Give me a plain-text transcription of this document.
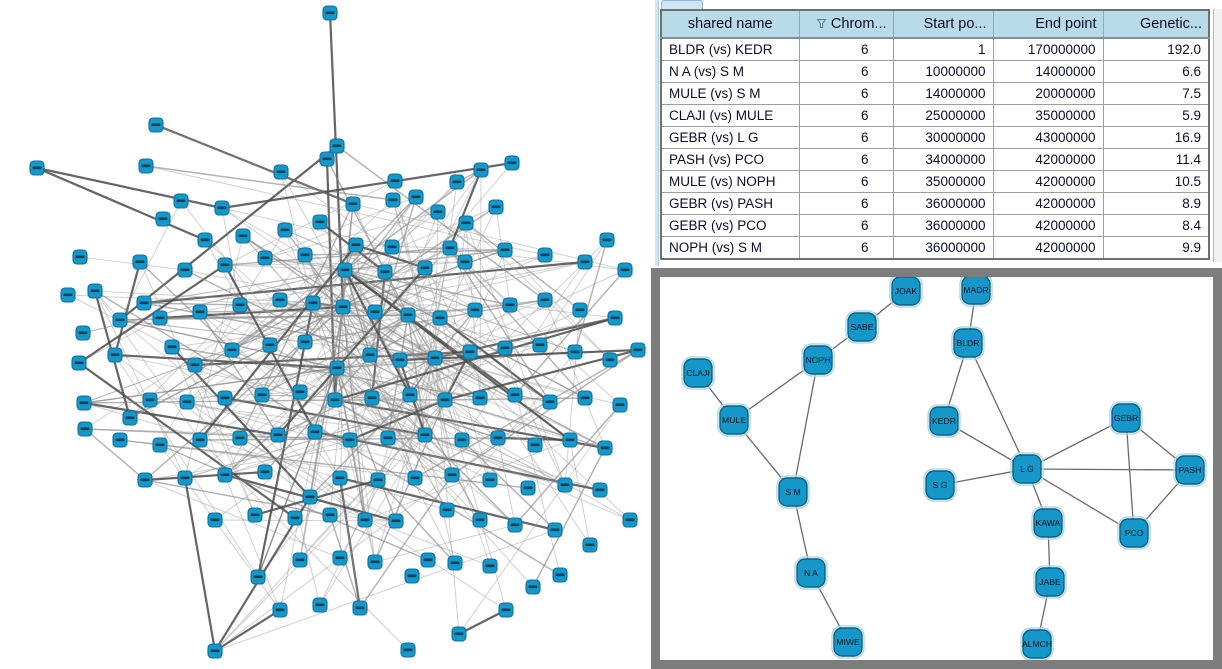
shared name	Chrom...	Start po...	End point	Genetic...
BLDR (vs) KEDR	6	1	170000000	192.0
N A (vs) S M	6	10000000	14000000	6.6
MULE (vs) S M	6	14000000	20000000	7.5
CLAJI (vs) MULE	6	25000000	35000000	5.9
GEBR (vs) L G	6	30000000	43000000	16.9
PASH (vs) PCO	6	34000000	42000000	11.4
MULE (vs) NOPH	6	35000000	42000000	10.5
GEBR (vs) PASH	6	36000000	42000000	8.9
GEBR (vs) PCO	6	36000000	42000000	8.4
NOPH (vs) S M	6	36000000	42000000	9.9
JOAK	MADR
SABE
NOPH
CLAJI
BLDR
MULE	KEDR	GEBR
L G
S G
PASH
KAWA
PCO
S M
N A
MIWE
JABE
ALMCH
